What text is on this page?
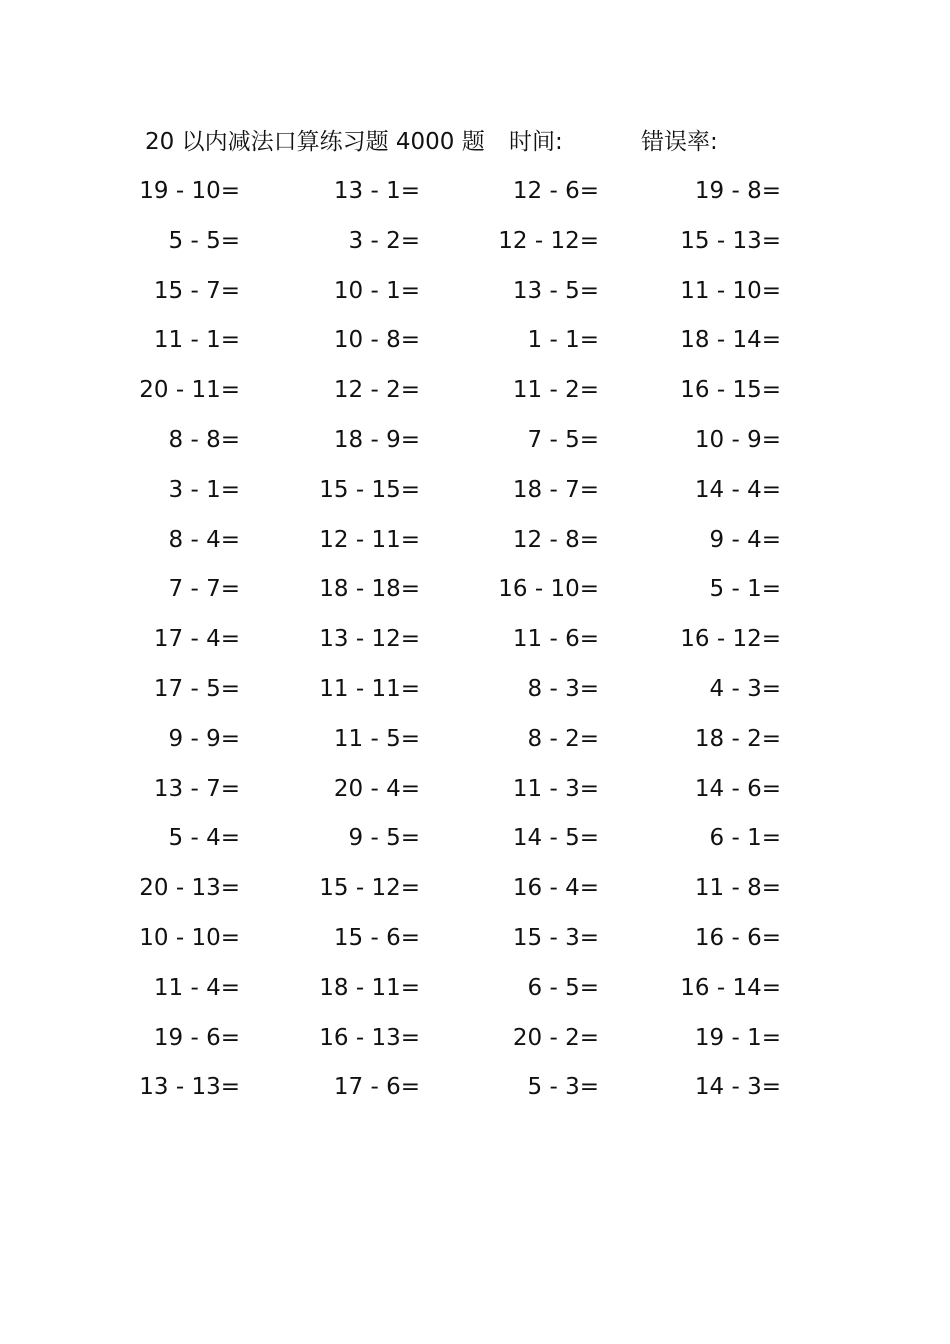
20 以内减法口算练习题 4000 题 时间:	错误率:
19 - 10=	13 - 1=	12 - 6=	19 - 8=
5 - 5=	3 - 2=	12 - 12=	15 - 13=
15 - 7=	10 - 1=	13 - 5=	11 - 10=
11 - 1=	10 - 8=	1 - 1=	18 - 14=
20 - 11=	12 - 2=	11 - 2=	16 - 15=
8 - 8=	18 - 9=	7 - 5=	10 - 9=
3 - 1=	15 - 15=	18 - 7=	14 - 4=
8 - 4=	12 - 11=	12 - 8=	9 - 4=
7 - 7=	18 - 18=	16 - 10=	5 - 1=
17 - 4=	13 - 12=	11 - 6=	16 - 12=
17 - 5=	11 - 11=	8 - 3=	4 - 3=
9 - 9=	11 - 5=	8 - 2=	18 - 2=
13 - 7=	20 - 4=	11 - 3=	14 - 6=
5 - 4=	9 - 5=	14 - 5=	6 - 1=
20 - 13=	15 - 12=	16 - 4=	11 - 8=
10 - 10=	15 - 6=	15 - 3=	16 - 6=
11 - 4=	18 - 11=	6 - 5=	16 - 14=
19 - 6=	16 - 13=	20 - 2=	19 - 1=
13 - 13=	17 - 6=	5 - 3=	14 - 3=
